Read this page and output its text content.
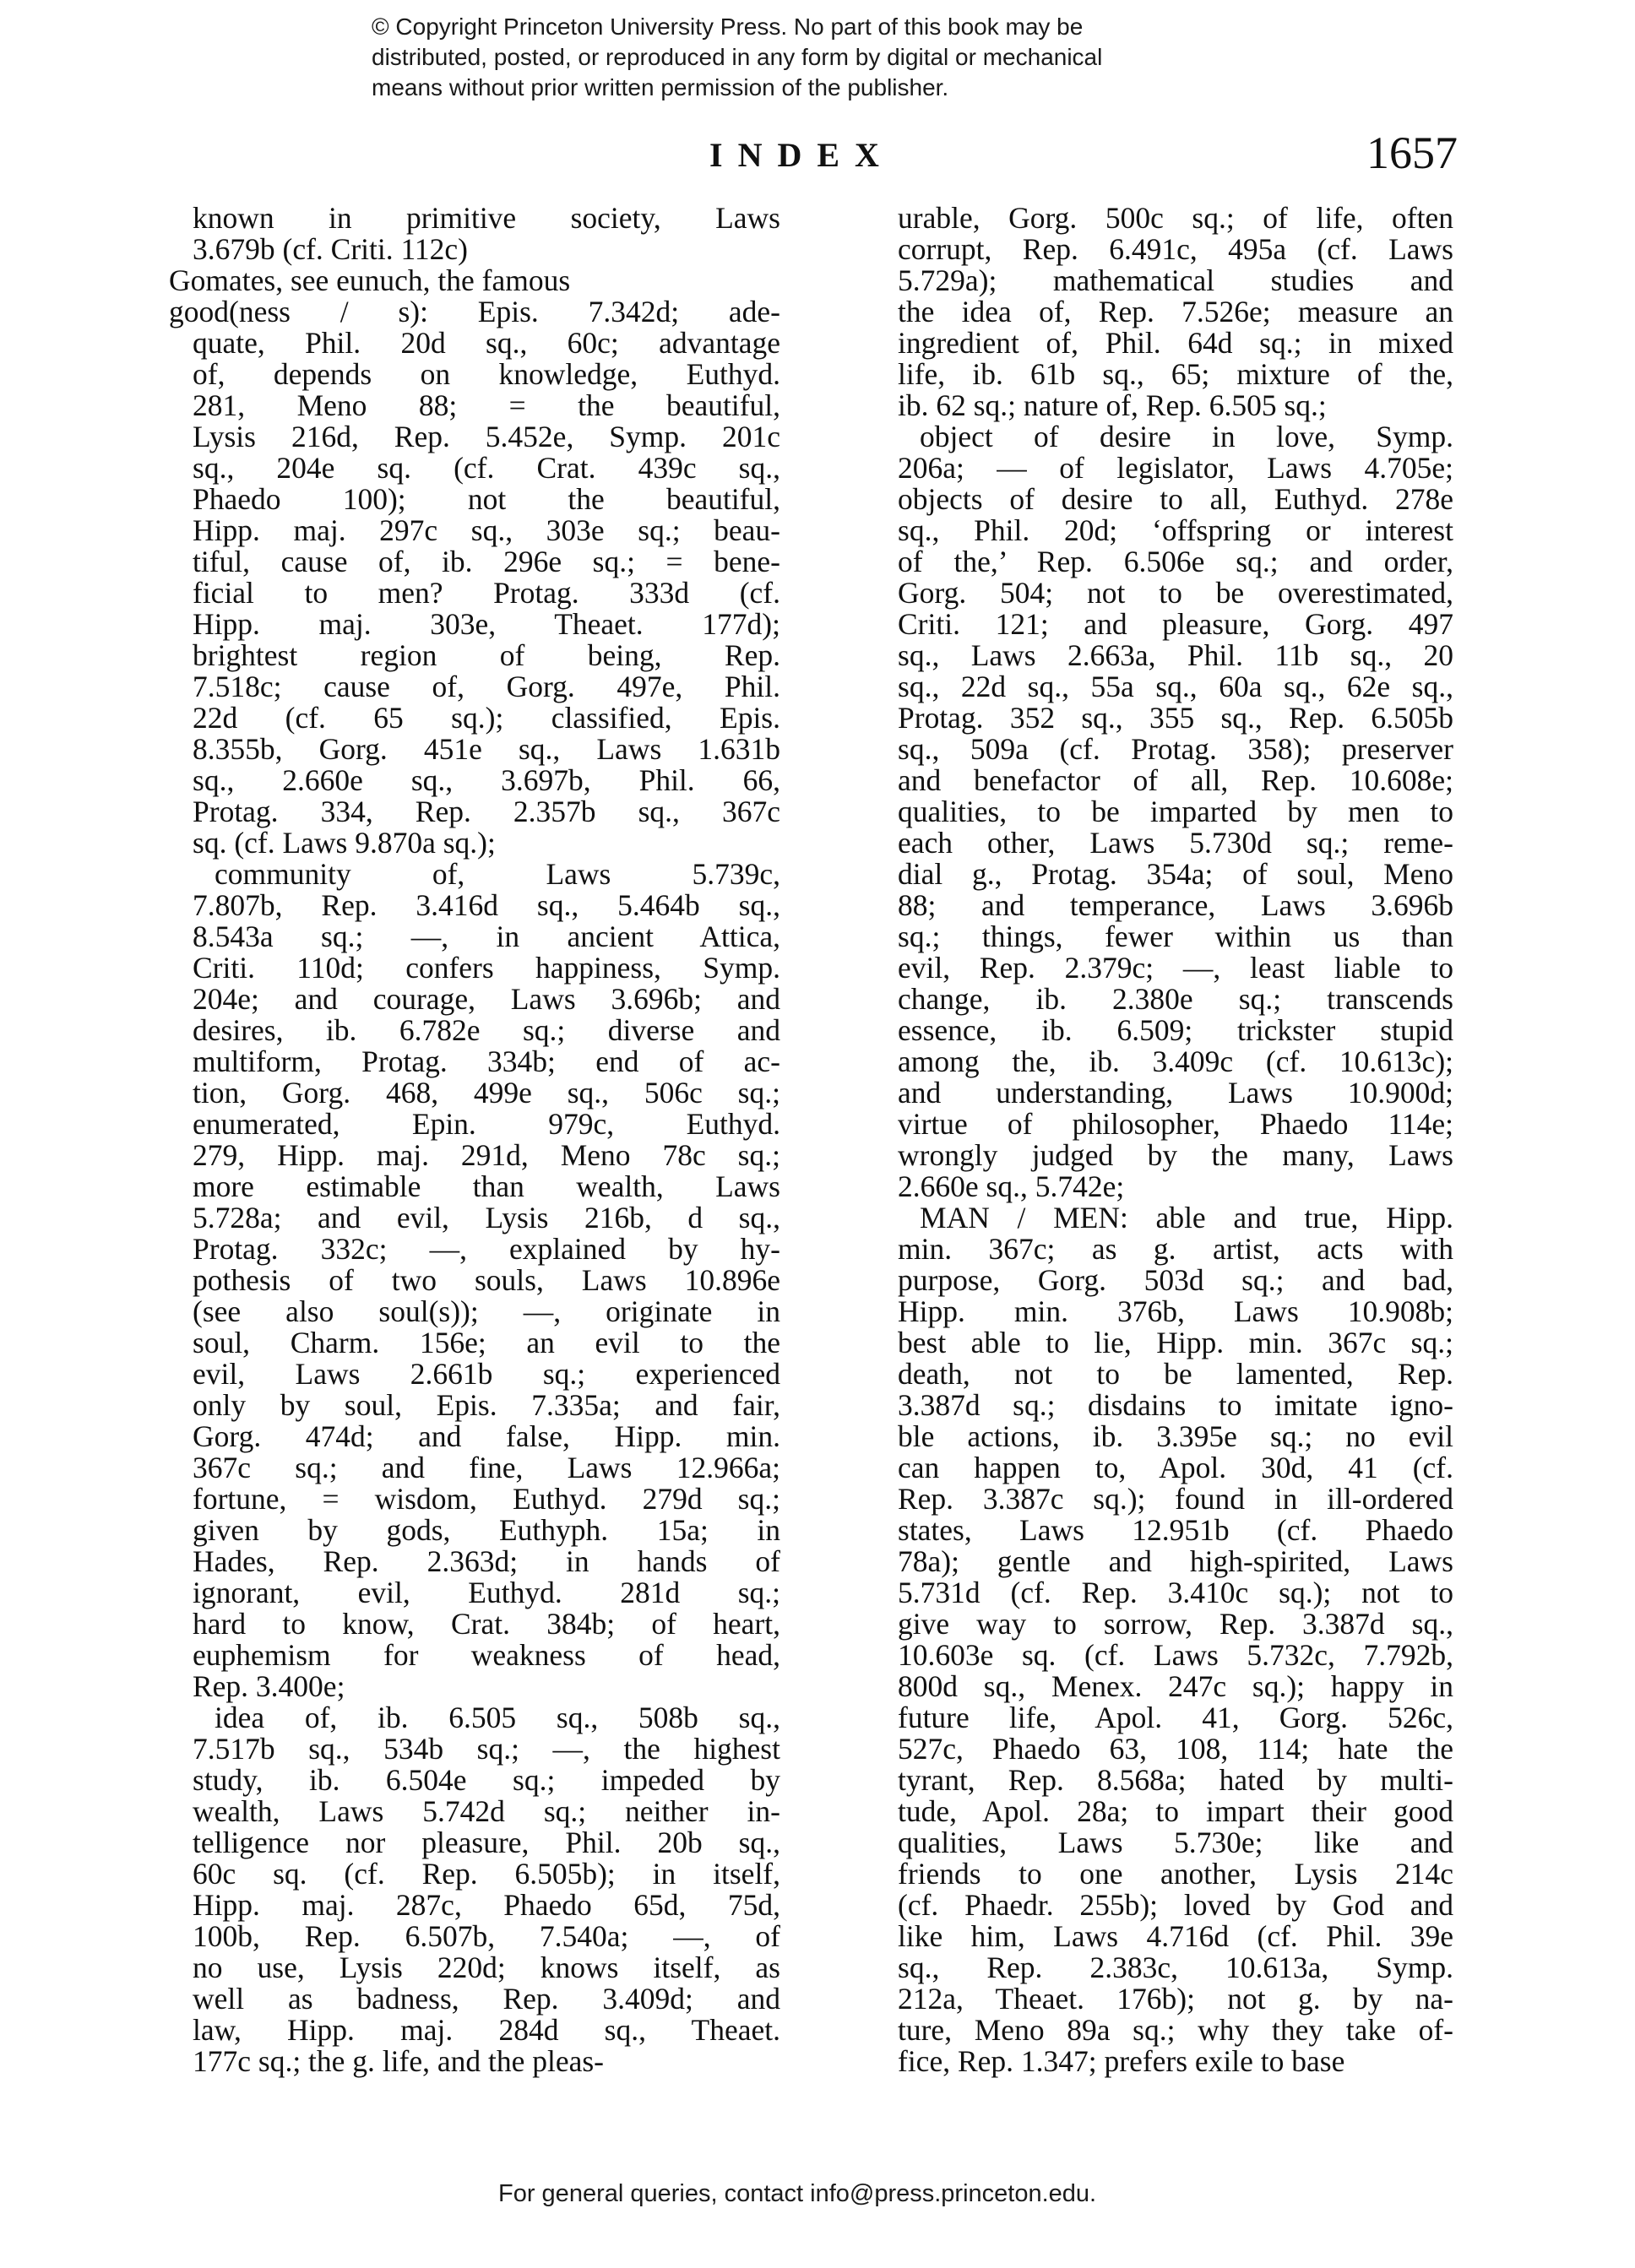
© Copyright Princeton University Press. No part of this book may be
distributed, posted, or reproduced in any form by digital or mechanical
means without prior written permission of the publisher.
INDEX	1657
known in primitive society, Laws
3.679b (cf. Criti. 112c)
Gomates, see eunuch, the famous
good(ness / s): Epis. 7.342d; ade-
quate, Phil. 20d sq., 60c; advantage
of, depends on knowledge, Euthyd.
281, Meno 88; = the beautiful,
Lysis 216d, Rep. 5.452e, Symp. 201c
sq., 204e sq. (cf. Crat. 439c sq.,
Phaedo 100); not the beautiful,
Hipp. maj. 297c sq., 303e sq.; beau-
tiful, cause of, ib. 296e sq.; = bene-
ficial to men? Protag. 333d (cf.
Hipp. maj. 303e, Theaet. 177d);
brightest region of being, Rep.
7.518c; cause of, Gorg. 497e, Phil.
22d (cf. 65 sq.); classified, Epis.
8.355b, Gorg. 451e sq., Laws 1.631b
sq., 2.660e sq., 3.697b, Phil. 66,
Protag. 334, Rep. 2.357b sq., 367c
sq. (cf. Laws 9.870a sq.);
community of, Laws 5.739c,
7.807b, Rep. 3.416d sq., 5.464b sq.,
8.543a sq.; —, in ancient Attica,
Criti. 110d; confers happiness, Symp.
204e; and courage, Laws 3.696b; and
desires, ib. 6.782e sq.; diverse and
multiform, Protag. 334b; end of ac-
tion, Gorg. 468, 499e sq., 506c sq.;
enumerated, Epin. 979c, Euthyd.
279, Hipp. maj. 291d, Meno 78c sq.;
more estimable than wealth, Laws
5.728a; and evil, Lysis 216b, d sq.,
Protag. 332c; —, explained by hy-
pothesis of two souls, Laws 10.896e
(see also soul(s)); —, originate in
soul, Charm. 156e; an evil to the
evil, Laws 2.661b sq.; experienced
only by soul, Epis. 7.335a; and fair,
Gorg. 474d; and false, Hipp. min.
367c sq.; and fine, Laws 12.966a;
fortune, = wisdom, Euthyd. 279d sq.;
given by gods, Euthyph. 15a; in
Hades, Rep. 2.363d; in hands of
ignorant, evil, Euthyd. 281d sq.;
hard to know, Crat. 384b; of heart,
euphemism for weakness of head,
Rep. 3.400e;
idea of, ib. 6.505 sq., 508b sq.,
7.517b sq., 534b sq.; —, the highest
study, ib. 6.504e sq.; impeded by
wealth, Laws 5.742d sq.; neither in-
telligence nor pleasure, Phil. 20b sq.,
60c sq. (cf. Rep. 6.505b); in itself,
Hipp. maj. 287c, Phaedo 65d, 75d,
100b, Rep. 6.507b, 7.540a; —, of
no use, Lysis 220d; knows itself, as
well as badness, Rep. 3.409d; and
law, Hipp. maj. 284d sq., Theaet.
177c sq.; the g. life, and the pleas-
urable, Gorg. 500c sq.; of life, often
corrupt, Rep. 6.491c, 495a (cf. Laws
5.729a); mathematical studies and
the idea of, Rep. 7.526e; measure an
ingredient of, Phil. 64d sq.; in mixed
life, ib. 61b sq., 65; mixture of the,
ib. 62 sq.; nature of, Rep. 6.505 sq.;
object of desire in love, Symp.
206a; — of legislator, Laws 4.705e;
objects of desire to all, Euthyd. 278e
sq., Phil. 20d; ‘offspring or interest
of the,’ Rep. 6.506e sq.; and order,
Gorg. 504; not to be overestimated,
Criti. 121; and pleasure, Gorg. 497
sq., Laws 2.663a, Phil. 11b sq., 20
sq., 22d sq., 55a sq., 60a sq., 62e sq.,
Protag. 352 sq., 355 sq., Rep. 6.505b
sq., 509a (cf. Protag. 358); preserver
and benefactor of all, Rep. 10.608e;
qualities, to be imparted by men to
each other, Laws 5.730d sq.; reme-
dial g., Protag. 354a; of soul, Meno
88; and temperance, Laws 3.696b
sq.; things, fewer within us than
evil, Rep. 2.379c; —, least liable to
change, ib. 2.380e sq.; transcends
essence, ib. 6.509; trickster stupid
among the, ib. 3.409c (cf. 10.613c);
and understanding, Laws 10.900d;
virtue of philosopher, Phaedo 114e;
wrongly judged by the many, Laws
2.660e sq., 5.742e;
MAN / MEN: able and true, Hipp.
min. 367c; as g. artist, acts with
purpose, Gorg. 503d sq.; and bad,
Hipp. min. 376b, Laws 10.908b;
best able to lie, Hipp. min. 367c sq.;
death, not to be lamented, Rep.
3.387d sq.; disdains to imitate igno-
ble actions, ib. 3.395e sq.; no evil
can happen to, Apol. 30d, 41 (cf.
Rep. 3.387c sq.); found in ill-ordered
states, Laws 12.951b (cf. Phaedo
78a); gentle and high-spirited, Laws
5.731d (cf. Rep. 3.410c sq.); not to
give way to sorrow, Rep. 3.387d sq.,
10.603e sq. (cf. Laws 5.732c, 7.792b,
800d sq., Menex. 247c sq.); happy in
future life, Apol. 41, Gorg. 526c,
527c, Phaedo 63, 108, 114; hate the
tyrant, Rep. 8.568a; hated by multi-
tude, Apol. 28a; to impart their good
qualities, Laws 5.730e; like and
friends to one another, Lysis 214c
(cf. Phaedr. 255b); loved by God and
like him, Laws 4.716d (cf. Phil. 39e
sq., Rep. 2.383c, 10.613a, Symp.
212a, Theaet. 176b); not g. by na-
ture, Meno 89a sq.; why they take of-
fice, Rep. 1.347; prefers exile to base
For general queries, contact info@press.princeton.edu.
